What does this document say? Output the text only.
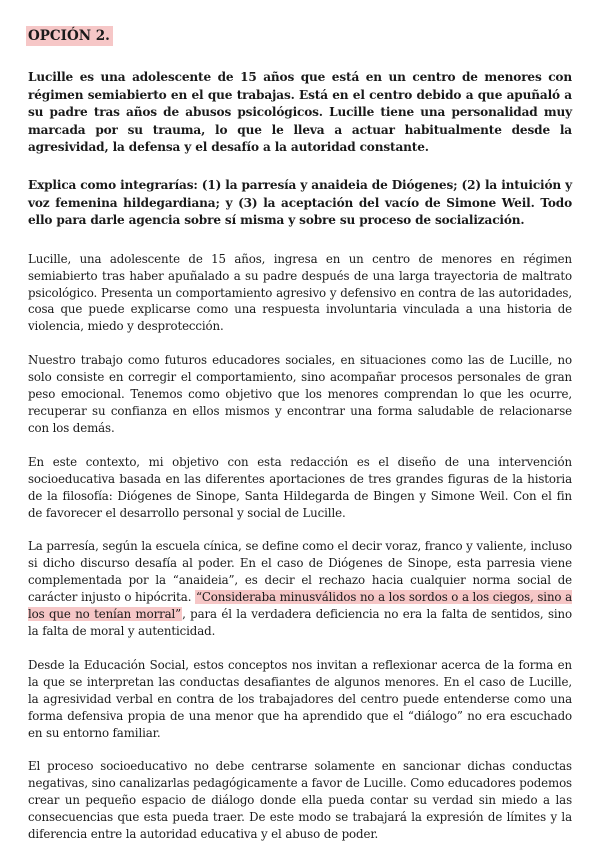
OPCIÓN 2.

Lucille es una adolescente de 15 años que está en un centro de menores con régimen semiabierto en el que trabajas. Está en el centro debido a que apuñaló a su padre tras años de abusos psicológicos. Lucille tiene una personalidad muy marcada por su trauma, lo que le lleva a actuar habitualmente desde la agresividad, la defensa y el desafío a la autoridad constante.

Explica como integrarías: (1) la parresía y anaideia de Diógenes; (2) la intuición y voz femenina hildegardiana; y (3) la aceptación del vacío de Simone Weil. Todo ello para darle agencia sobre sí misma y sobre su proceso de socialización.

Lucille, una adolescente de 15 años, ingresa en un centro de menores en régimen semiabierto tras haber apuñalado a su padre después de una larga trayectoria de maltrato psicológico. Presenta un comportamiento agresivo y defensivo en contra de las autoridades, cosa que puede explicarse como una respuesta involuntaria vinculada a una historia de violencia, miedo y desprotección.

Nuestro trabajo como futuros educadores sociales, en situaciones como las de Lucille, no solo consiste en corregir el comportamiento, sino acompañar procesos personales de gran peso emocional. Tenemos como objetivo que los menores comprendan lo que les ocurre, recuperar su confianza en ellos mismos y encontrar una forma saludable de relacionarse con los demás.

En este contexto, mi objetivo con esta redacción es el diseño de una intervención socioeducativa basada en las diferentes aportaciones de tres grandes figuras de la historia de la filosofía: Diógenes de Sinope, Santa Hildegarda de Bingen y Simone Weil. Con el fin de favorecer el desarrollo personal y social de Lucille.

La parresía, según la escuela cínica, se define como el decir voraz, franco y valiente, incluso si dicho discurso desafía al poder. En el caso de Diógenes de Sinope, esta parresia viene complementada por la “anaideia”, es decir el rechazo hacia cualquier norma social de carácter injusto o hipócrita. “Consideraba minusválidos no a los sordos o a los ciegos, sino a los que no tenían morral”, para él la verdadera deficiencia no era la falta de sentidos, sino la falta de moral y autenticidad.

Desde la Educación Social, estos conceptos nos invitan a reflexionar acerca de la forma en la que se interpretan las conductas desafiantes de algunos menores. En el caso de Lucille, la agresividad verbal en contra de los trabajadores del centro puede entenderse como una forma defensiva propia de una menor que ha aprendido que el “diálogo” no era escuchado en su entorno familiar.

El proceso socioeducativo no debe centrarse solamente en sancionar dichas conductas negativas, sino canalizarlas pedagógicamente a favor de Lucille. Como educadores podemos crear un pequeño espacio de diálogo donde ella pueda contar su verdad sin miedo a las consecuencias que esta pueda traer. De este modo se trabajará la expresión de límites y la diferencia entre la autoridad educativa y el abuso de poder.
